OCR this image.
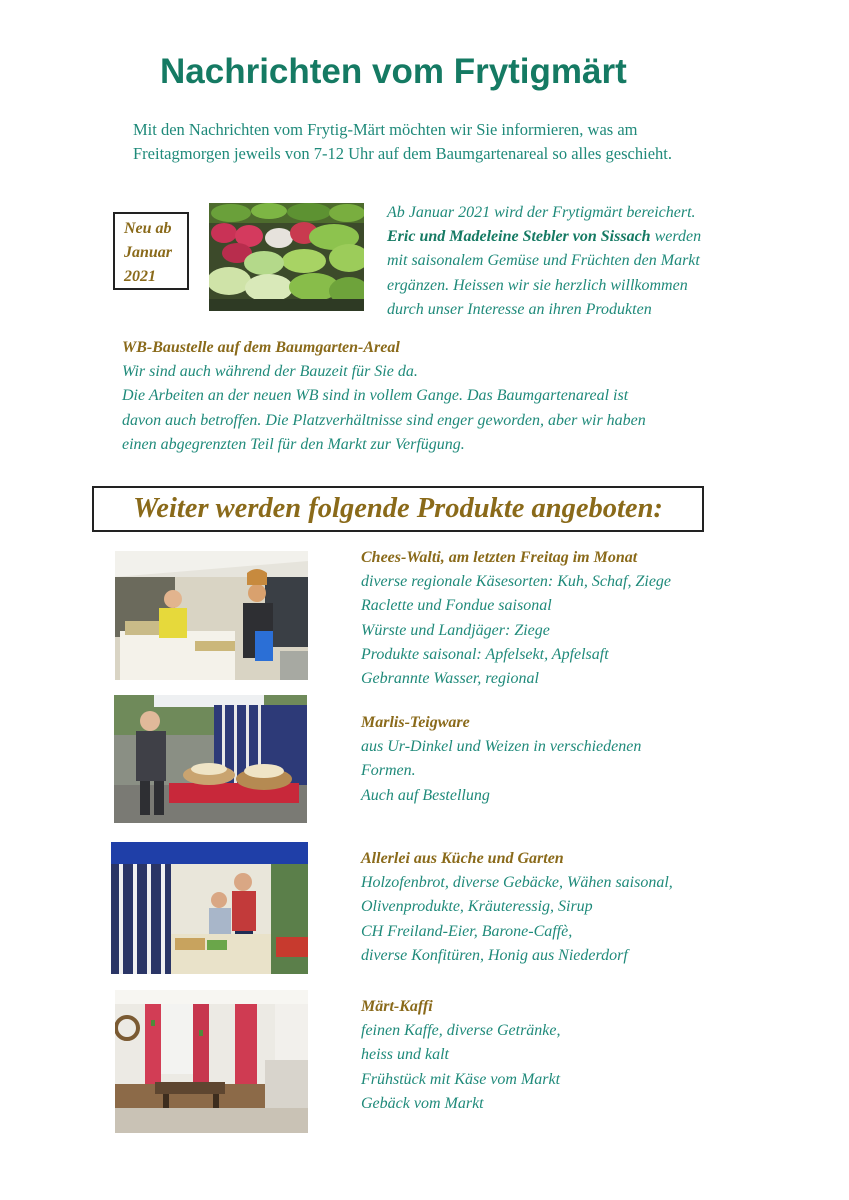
Nachrichten vom Frytigmärt
Mit den Nachrichten vom Frytig-Märt möchten wir Sie informieren, was am
Freitagmorgen jeweils von 7-12 Uhr auf dem Baumgartenareal so alles geschieht.
Neu ab
Januar
2021
Ab Januar 2021 wird der Frytigmärt bereichert.
Eric und Madeleine Stebler von Sissach werden
mit saisonalem Gemüse und Früchten den Markt
ergänzen. Heissen wir sie herzlich willkommen
durch unser Interesse an ihren Produkten
WB-Baustelle auf dem Baumgarten-Areal
Wir sind auch während der Bauzeit für Sie da.
Die Arbeiten an der neuen WB sind in vollem Gange. Das Baumgartenareal ist
davon auch betroffen. Die Platzverhältnisse sind enger geworden, aber wir haben
einen abgegrenzten Teil für den Markt zur Verfügung.
Weiter werden folgende Produkte angeboten:
Chees-Walti, am letzten Freitag im Monat
diverse regionale Käsesorten: Kuh, Schaf, Ziege
Raclette und Fondue saisonal
Würste und Landjäger: Ziege
Produkte saisonal: Apfelsekt, Apfelsaft
Gebrannte Wasser, regional
Marlis-Teigware
aus Ur-Dinkel und Weizen in verschiedenen
Formen.
Auch auf Bestellung
Allerlei aus Küche und Garten
Holzofenbrot, diverse Gebäcke, Wähen saisonal,
Olivenprodukte, Kräuteressig, Sirup
CH Freiland-Eier, Barone-Caffè,
diverse Konfitüren, Honig aus Niederdorf
Märt-Kaffi
feinen Kaffe, diverse Getränke,
heiss und kalt
Frühstück mit Käse vom Markt
Gebäck vom Markt
